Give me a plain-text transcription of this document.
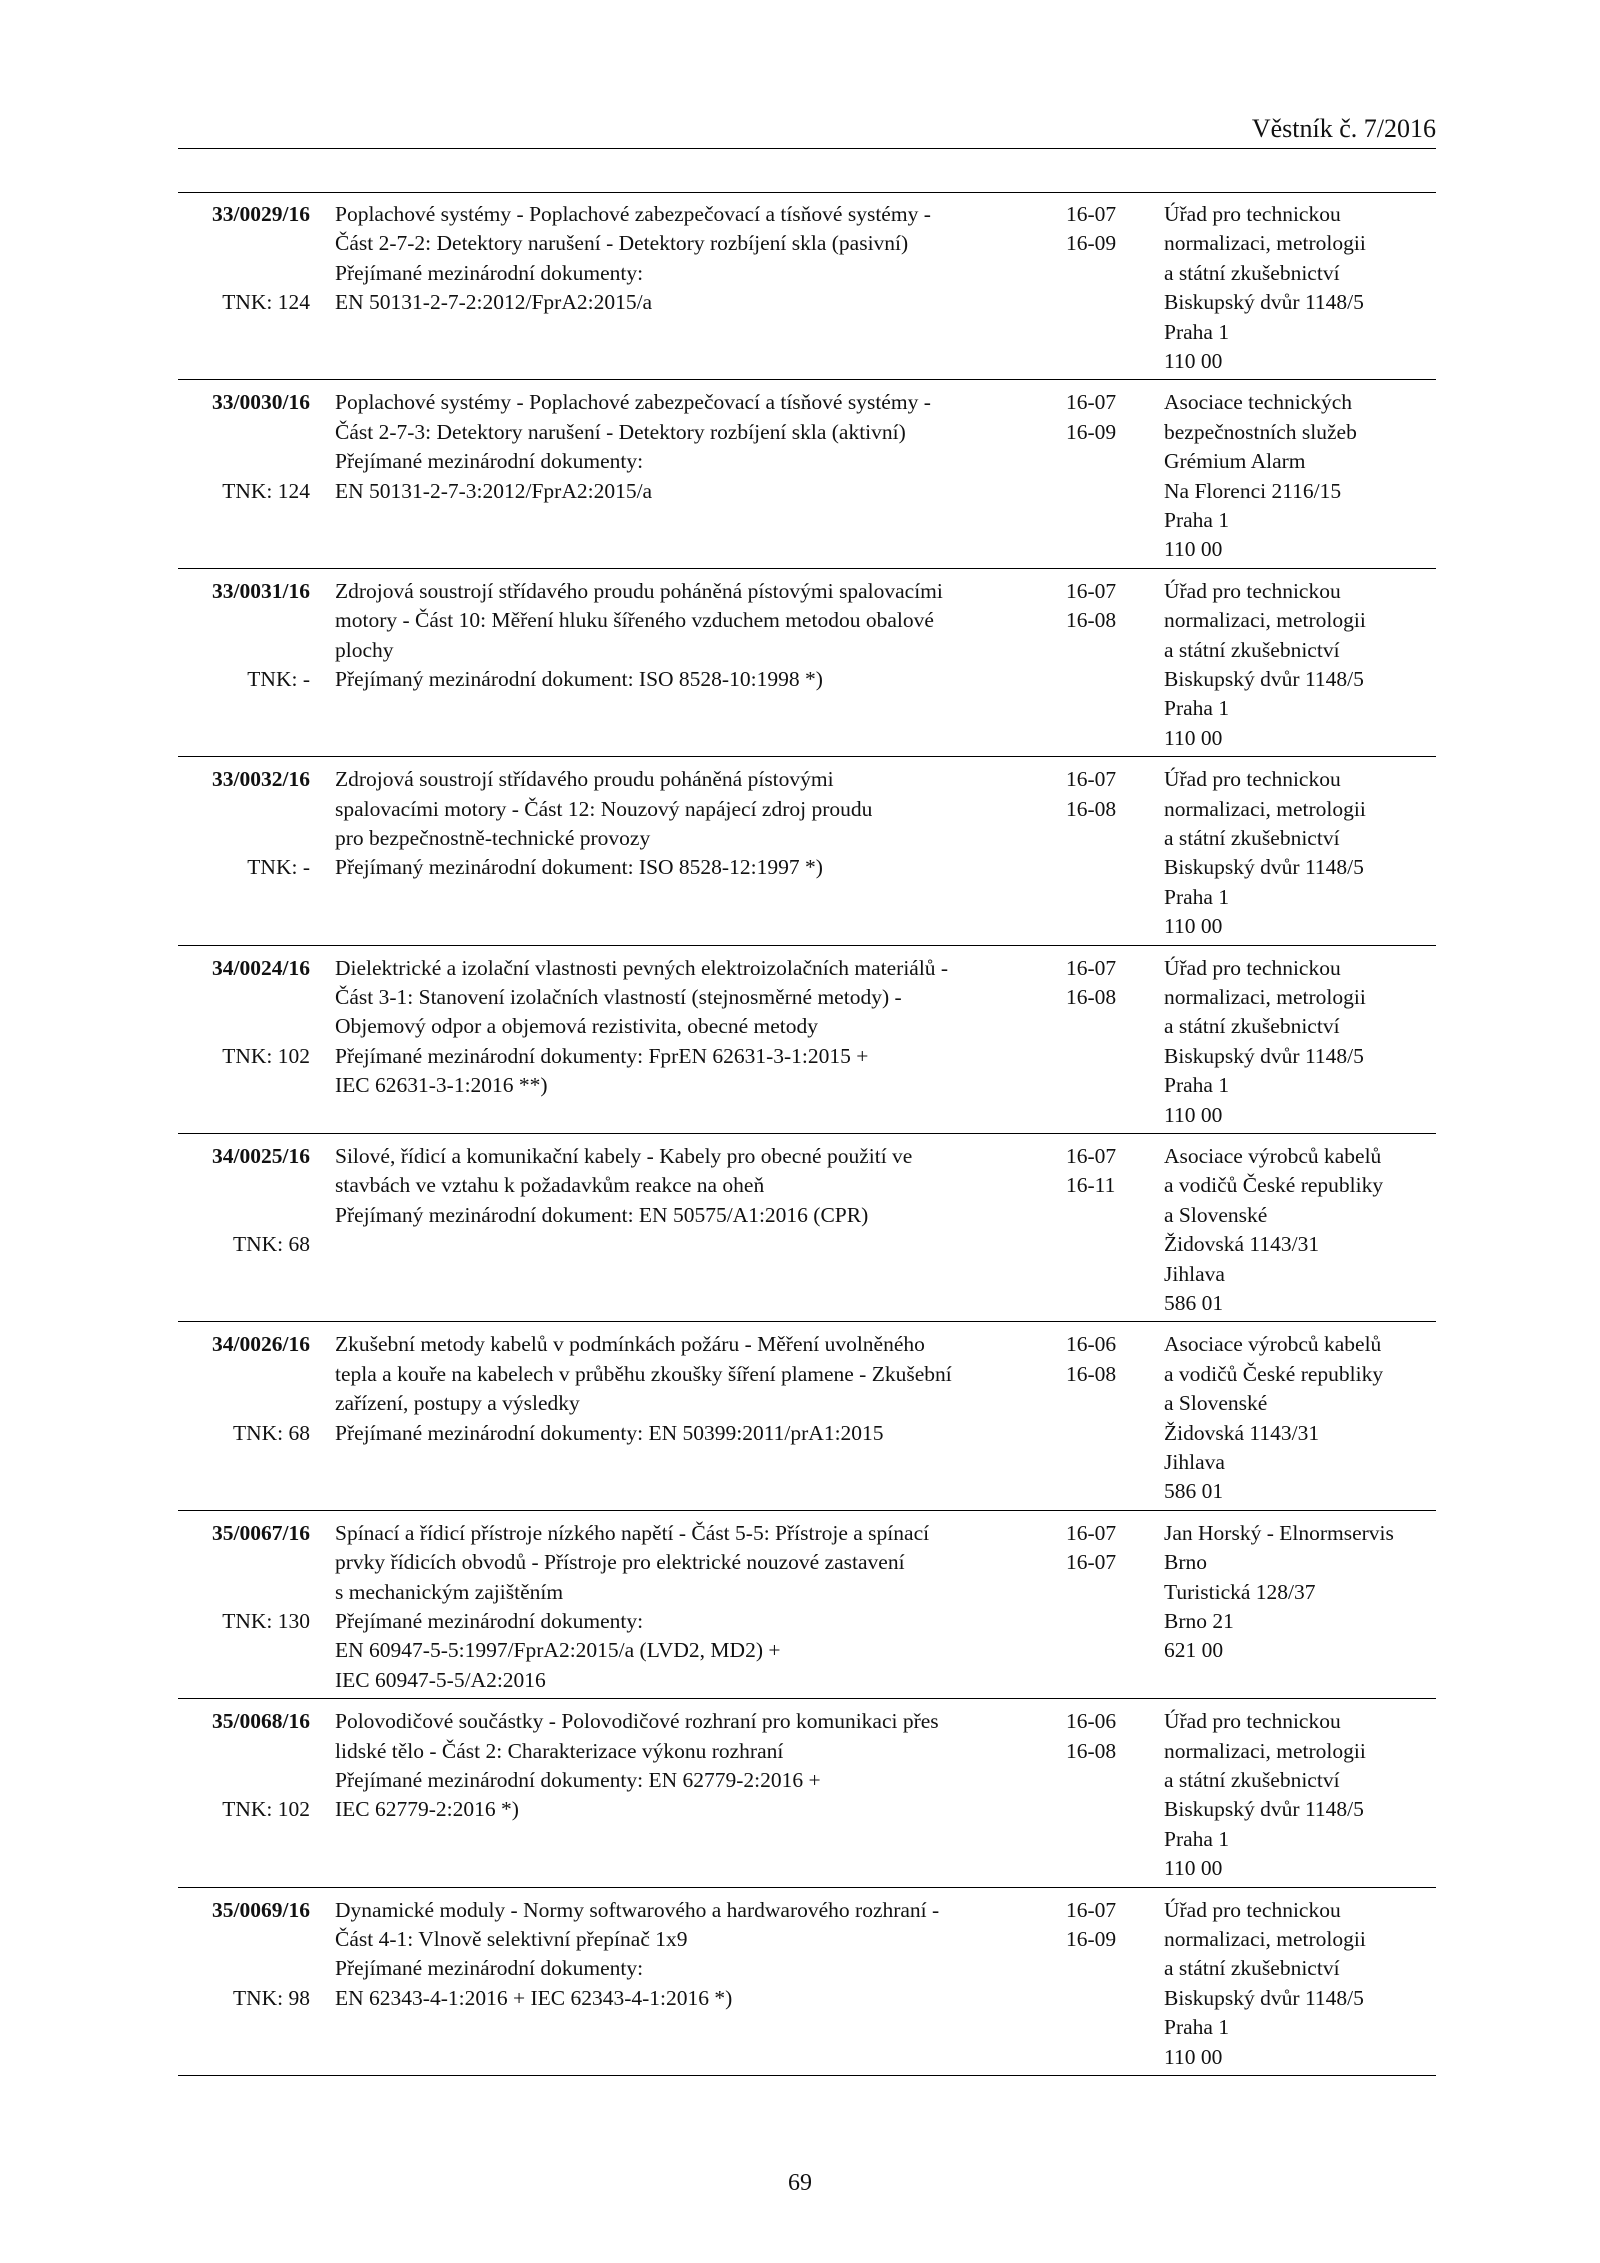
Věstník č. 7/2016
33/0029/16
TNK: 124
Poplachové systémy - Poplachové zabezpečovací a tísňové systémy -
Část 2-7-2: Detektory narušení - Detektory rozbíjení skla (pasivní)
Přejímané mezinárodní dokumenty:
EN 50131-2-7-2:2012/FprA2:2015/a
16-07
16-09
Úřad pro technickou
normalizaci, metrologii
a státní zkušebnictví
Biskupský dvůr 1148/5
Praha 1
110 00
33/0030/16
TNK: 124
Poplachové systémy - Poplachové zabezpečovací a tísňové systémy -
Část 2-7-3: Detektory narušení - Detektory rozbíjení skla (aktivní)
Přejímané mezinárodní dokumenty:
EN 50131-2-7-3:2012/FprA2:2015/a
16-07
16-09
Asociace technických
bezpečnostních služeb
Grémium Alarm
Na Florenci 2116/15
Praha 1
110 00
33/0031/16
TNK: -
Zdrojová soustrojí střídavého proudu poháněná pístovými spalovacími
motory - Část 10: Měření hluku šířeného vzduchem metodou obalové
plochy
Přejímaný mezinárodní dokument: ISO 8528-10:1998 *)
16-07
16-08
Úřad pro technickou
normalizaci, metrologii
a státní zkušebnictví
Biskupský dvůr 1148/5
Praha 1
110 00
33/0032/16
TNK: -
Zdrojová soustrojí střídavého proudu poháněná pístovými
spalovacími motory - Část 12: Nouzový napájecí zdroj proudu
pro bezpečnostně-technické provozy
Přejímaný mezinárodní dokument: ISO 8528-12:1997 *)
16-07
16-08
Úřad pro technickou
normalizaci, metrologii
a státní zkušebnictví
Biskupský dvůr 1148/5
Praha 1
110 00
34/0024/16
TNK: 102
Dielektrické a izolační vlastnosti pevných elektroizolačních materiálů -
Část 3-1: Stanovení izolačních vlastností (stejnosměrné metody) -
Objemový odpor a objemová rezistivita, obecné metody
Přejímané mezinárodní dokumenty: FprEN 62631-3-1:2015 +
IEC 62631-3-1:2016 **)
16-07
16-08
Úřad pro technickou
normalizaci, metrologii
a státní zkušebnictví
Biskupský dvůr 1148/5
Praha 1
110 00
34/0025/16
TNK: 68
Silové, řídicí a komunikační kabely - Kabely pro obecné použití ve
stavbách ve vztahu k požadavkům reakce na oheň
Přejímaný mezinárodní dokument: EN 50575/A1:2016 (CPR)
16-07
16-11
Asociace výrobců kabelů
a vodičů České republiky
a Slovenské
Židovská 1143/31
Jihlava
586 01
34/0026/16
TNK: 68
Zkušební metody kabelů v podmínkách požáru - Měření uvolněného
tepla a kouře na kabelech v průběhu zkoušky šíření plamene - Zkušební
zařízení, postupy a výsledky
Přejímané mezinárodní dokumenty: EN 50399:2011/prA1:2015
16-06
16-08
Asociace výrobců kabelů
a vodičů České republiky
a Slovenské
Židovská 1143/31
Jihlava
586 01
35/0067/16
TNK: 130
Spínací a řídicí přístroje nízkého napětí - Část 5-5: Přístroje a spínací
prvky řídicích obvodů - Přístroje pro elektrické nouzové zastavení
s mechanickým zajištěním
Přejímané mezinárodní dokumenty:
EN 60947-5-5:1997/FprA2:2015/a (LVD2, MD2) +
IEC 60947-5-5/A2:2016
16-07
16-07
Jan Horský - Elnormservis
Brno
Turistická 128/37
Brno 21
621 00
35/0068/16
TNK: 102
Polovodičové součástky - Polovodičové rozhraní pro komunikaci přes
lidské tělo - Část 2: Charakterizace výkonu rozhraní
Přejímané mezinárodní dokumenty: EN 62779-2:2016 +
IEC 62779-2:2016 *)
16-06
16-08
Úřad pro technickou
normalizaci, metrologii
a státní zkušebnictví
Biskupský dvůr 1148/5
Praha 1
110 00
35/0069/16
TNK: 98
Dynamické moduly - Normy softwarového a hardwarového rozhraní -
Část 4-1: Vlnově selektivní přepínač 1x9
Přejímané mezinárodní dokumenty:
EN 62343-4-1:2016 + IEC 62343-4-1:2016 *)
16-07
16-09
Úřad pro technickou
normalizaci, metrologii
a státní zkušebnictví
Biskupský dvůr 1148/5
Praha 1
110 00
69
